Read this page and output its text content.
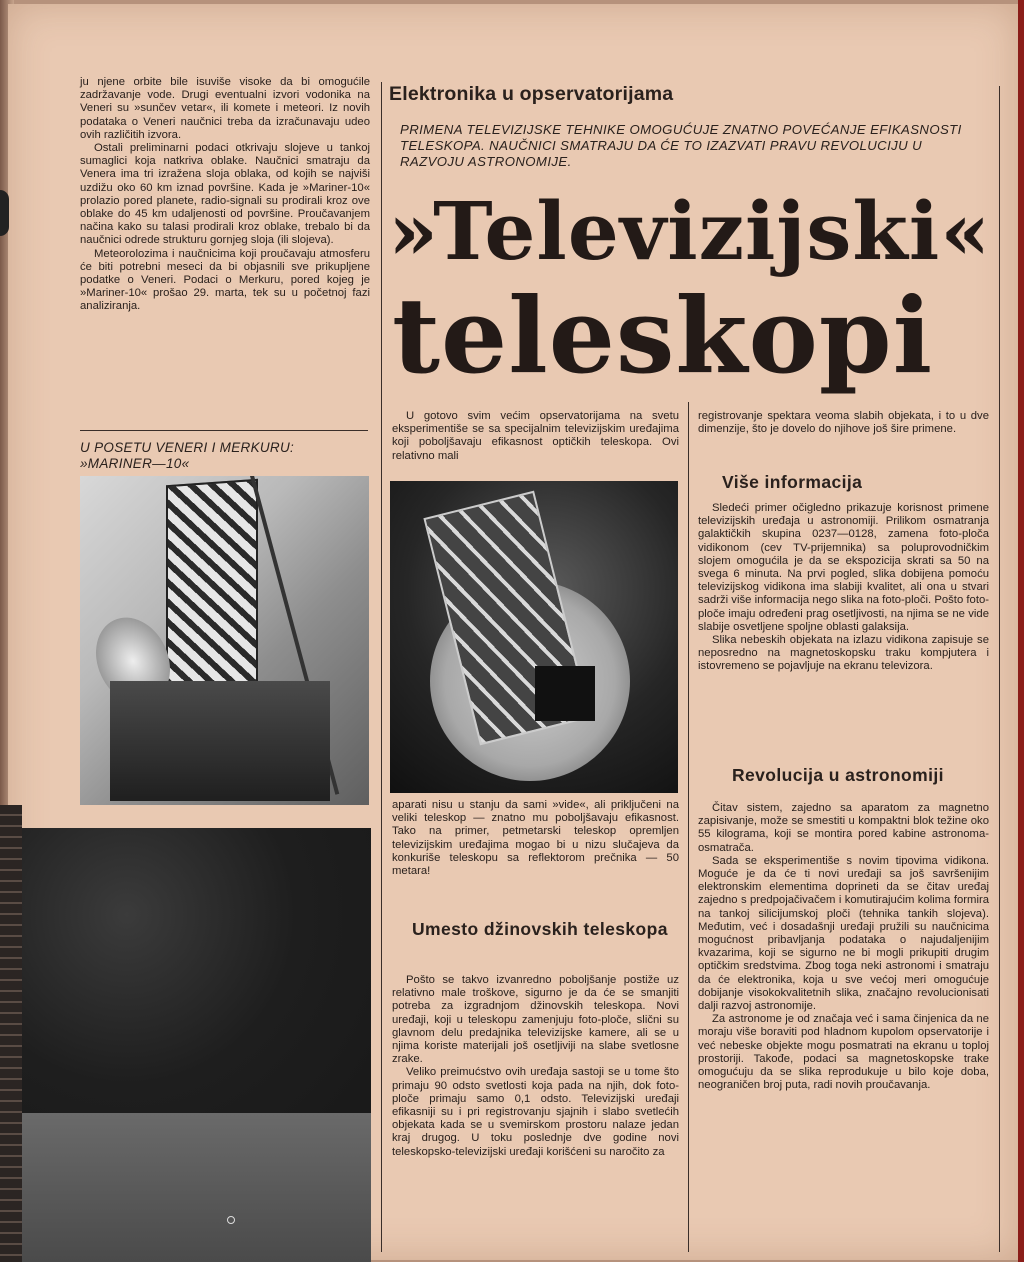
ju njene orbite bile isuviše visoke da bi omogućile zadržavanje vode. Drugi eventualni izvori vodonika na Veneri su »sunčev vetar«, ili komete i meteori. Iz novih podataka o Veneri naučnici treba da izračunavaju udeo ovih različitih izvora.

Ostali preliminarni podaci otkrivaju slojeve u tankoj sumaglici koja natkriva oblake. Naučnici smatraju da Venera ima tri izražena sloja oblaka, od kojih se najviši uzdižu oko 60 km iznad površine. Kada je »Mariner-10« prolazio pored planete, radio-signali su prodirali kroz ove oblake do 45 km udaljenosti od površine. Proučavanjem načina kako su talasi prodirali kroz oblake, trebalo bi da naučnici odrede strukturu gornjeg sloja (ili slojeva).

Meteorolozima i naučnicima koji proučavaju atmosferu će biti potrebni meseci da bi objasnili sve prikupljene podatke o Veneri. Podaci o Merkuru, pored kojeg je »Mariner-10« prošao 29. marta, tek su u početnoj fazi analiziranja.

U POSETU VENERI I MERKURU:
»MARINER—10«
Elektronika u opservatorijama
PRIMENA TELEVIZIJSKE TEHNIKE OMOGUĆUJE ZNATNO POVEĆANJE EFIKASNOSTI TELESKOPA. NAUČNICI SMATRAJU DA ĆE TO IZAZVATI PRAVU REVOLUCIJU U RAZVOJU ASTRONOMIJE.
»Televizijski«
teleskopi

U gotovo svim većim opservatorijama na svetu eksperimentiše se sa specijalnim televizijskim uređajima koji poboljšavaju efikasnost optičkih teleskopa. Ovi relativno mali

aparati nisu u stanju da sami »vide«, ali priključeni na veliki teleskop — znatno mu poboljšavaju efikasnost. Tako na primer, petmetarski teleskop opremljen televizijskim uređajima mogao bi u nizu slučajeva da konkuriše teleskopu sa reflektorom prečnika — 50 metara!

Umesto džinovskih teleskopa

Pošto se takvo izvanredno poboljšanje postiže uz relativno male troškove, sigurno je da će se smanjiti potreba za izgradnjom džinovskih teleskopa. Novi uređaji, koji u teleskopu zamenjuju foto-ploče, slični su glavnom delu predajnika televizijske kamere, ali se u njima koriste materijali još osetljiviji na slabe svetlosne zrake.

Veliko preimućstvo ovih uređaja sastoji se u tome što primaju 90 odsto svetlosti koja pada na njih, dok foto-ploče primaju samo 0,1 odsto. Televizijski uređaji efikasniji su i pri registrovanju sjajnih i slabo svetlećih objekata kada se u svemirskom prostoru nalaze jedan kraj drugog. U toku poslednje dve godine novi teleskopsko-televizijski uređaji korišćeni su naročito za

registrovanje spektara veoma slabih objekata, i to u dve dimenzije, što je dovelo do njihove još šire primene.

Više informacija

Sledeći primer očigledno prikazuje korisnost primene televizijskih uređaja u astronomiji. Prilikom osmatranja galaktičkih skupina 0237—0128, zamena foto-ploča vidikonom (cev TV-prijemnika) sa poluprovodničkim slojem omogućila je da se ekspozicija skrati sa 50 na svega 6 minuta. Na prvi pogled, slika dobijena pomoću televizijskog vidikona ima slabiji kvalitet, ali ona u stvari sadrži više informacija nego slika na foto-ploči. Pošto foto-ploče imaju određeni prag osetljivosti, na njima se ne vide slabije osvetljene spoljne oblasti galaksija.

Slika nebeskih objekata na izlazu vidikona zapisuje se neposredno na magnetoskopsku traku kompjutera i istovremeno se pojavljuje na ekranu televizora.

Revolucija u astronomiji

Čitav sistem, zajedno sa aparatom za magnetno zapisivanje, može se smestiti u kompaktni blok težine oko 55 kilograma, koji se montira pored kabine astronoma-osmatrača.

Sada se eksperimentiše s novim tipovima vidikona. Moguće je da će ti novi uređaji sa još savršenijim elektronskim elementima doprineti da se čitav uređaj zajedno s predpojačivačem i komutirajućim kolima formira na tankoj silicijumskoj ploči (tehnika tankih slojeva). Međutim, već i dosadašnji uređaji pružili su naučnicima mogućnost pribavljanja podataka o najudaljenijim kvazarima, koji se sigurno ne bi mogli prikupiti drugim optičkim sredstvima. Zbog toga neki astronomi i smatraju da će elektronika, koja u sve većoj meri omogućuje dobijanje visokokvalitetnih slika, značajno revolucionisati dalji razvoj astronomije.

Za astronome je od značaja već i sama činjenica da ne moraju više boraviti pod hladnom kupolom opservatorije i već nebeske objekte mogu posmatrati na ekranu u toplој prostoriji. Takođe, podaci sa magnetoskopske trake omogućuju da se slika reprodukuje u bilo koje doba, neograničen broj puta, radi novih proučavanja.
